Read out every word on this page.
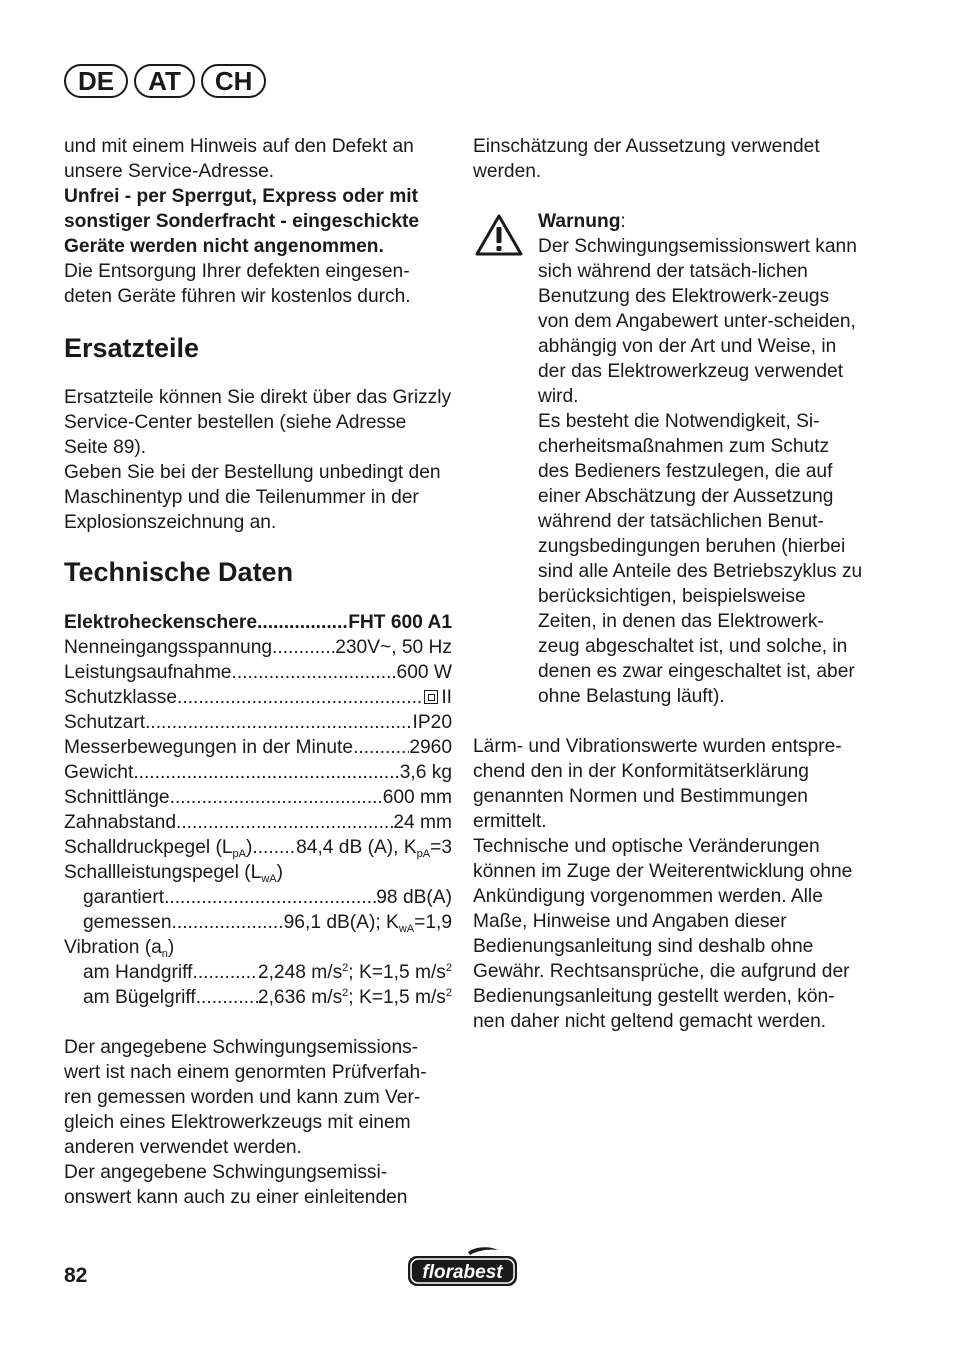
DE	AT	CH

und mit einem Hinweis auf den Defekt an unsere Service-Adresse.

Unfrei - per Sperrgut, Express oder mit sonstiger Sonderfracht - eingeschickte Geräte werden nicht angenommen.

Die Entsorgung Ihrer defekten eingesen-deten Geräte führen wir kostenlos durch.

Ersatzteile

Ersatzteile können Sie direkt über das Grizzly Service-Center bestellen (siehe Adresse Seite 89).

Geben Sie bei der Bestellung unbedingt den Maschinentyp und die Teilenummer in der Explosionszeichnung an.

Technische Daten
Elektroheckenschere .....	FHT 600 A1
Nenneingangsspannung .....	230V~, 50 Hz
Leistungsaufnahme .....	600 W
Schutzklasse .....	II
Schutzart .....	IP20
Messerbewegungen in der Minute .....	2960
Gewicht .....	3,6 kg
Schnittlänge .....	600 mm
Zahnabstand .....	24 mm
Schalldruckpegel $(L_{pA})$ ..... 84,4 dB (A), $K_{pA}=3$
Schallleistungspegel $(L_{wA})$
garantiert .....	98 dB(A)
gemessen .....	96,1 dB(A); $K_{wA}=1,9$
Vibration $(a_n)$
am Handgriff .....	2,248 $m/s^2$; K=1,5 $m/s^2$
am Bügelgriff .....	2,636 $m/s^2$; K=1,5 $m/s^2$

Der angegebene Schwingungsemissions-wert ist nach einem genormten Prüfverfah-ren gemessen worden und kann zum Ver-gleich eines Elektrowerkzeugs mit einem anderen verwendet werden.

Der angegebene Schwingungsemissi-onswert kann auch zu einer einleitenden

Einschätzung der Aussetzung verwendet werden.

Warnung:

Der Schwingungsemissionswert kann sich während der tatsäch-lichen Benutzung des Elektrowerk-zeugs von dem Angabewert unter-scheiden, abhängig von der Art und Weise, in der das Elektrowerkzeug verwendet wird.

Es besteht die Notwendigkeit, Si-cherheitsmaßnahmen zum Schutz des Bedieners festzulegen, die auf einer Abschätzung der Aussetzung während der tatsächlichen Benut-zungsbedingungen beruhen (hierbei sind alle Anteile des Betriebszyklus zu berücksichtigen, beispielsweise Zeiten, in denen das Elektrowerk-zeug abgeschaltet ist, und solche, in denen es zwar eingeschaltet ist, aber ohne Belastung läuft).

Lärm- und Vibrationswerte wurden entspre-chend den in der Konformitätserklärung genannten Normen und Bestimmungen ermittelt.

Technische und optische Veränderungen können im Zuge der Weiterentwicklung ohne Ankündigung vorgenommen werden. Alle Maße, Hinweise und Angaben dieser Bedienungsanleitung sind deshalb ohne Gewähr. Rechtsansprüche, die aufgrund der Bedienungsanleitung gestellt werden, kön-nen daher nicht geltend gemacht werden.

82	florabest
